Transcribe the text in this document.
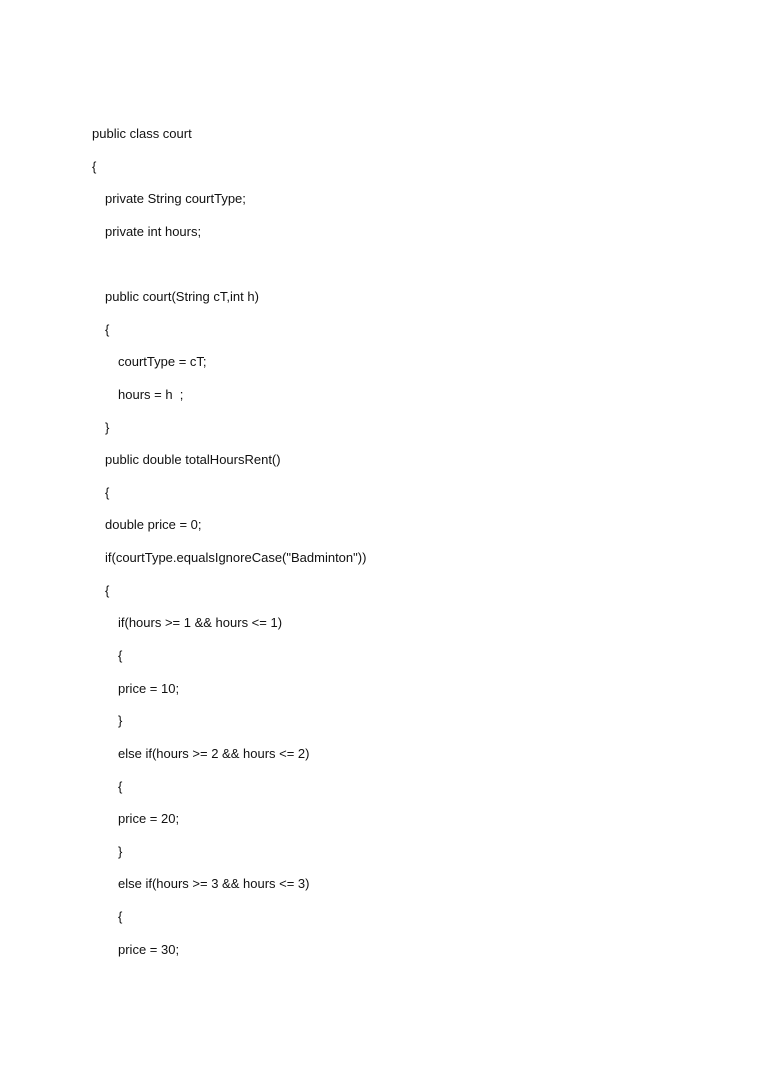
public class court
{
private String courtType;
private int hours;
public court(String cT,int h)
{
courtType = cT;
hours = h  ;
}
public double totalHoursRent()
{
double price = 0;
if(courtType.equalsIgnoreCase("Badminton"))
{
if(hours >= 1 && hours <= 1)
{
price = 10;
}
else if(hours >= 2 && hours <= 2)
{
price = 20;
}
else if(hours >= 3 && hours <= 3)
{
price = 30;
